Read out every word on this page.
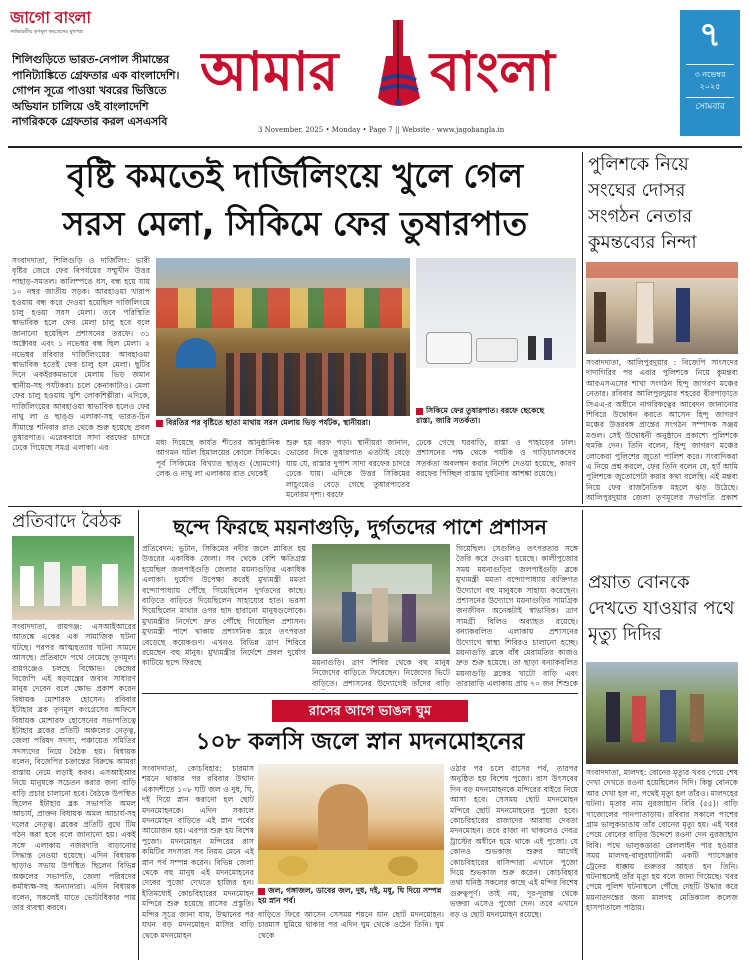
জাগো বাংলা
সর্বভারতীয় তৃণমূল কংগ্রেসের মুখপত্র
শিলিগুড়িতে ভারত-নেপাল সীমান্তের পানিট্যাঙ্কিতে গ্রেফতার এক বাংলাদেশি। গোপন সূত্রে পাওয়া খবরের ভিত্তিতে অভিযান চালিয়ে ওই বাংলাদেশি নাগরিককে গ্রেফতার করল এসএসবি
আমার বাংলা
3 November, 2025 • Monday • Page 7 || Website - www.jagobangla.in
৭
৩ নভেম্বর
২০২৫
সোমবার
বৃষ্টি কমতেই দার্জিলিংয়ে খুলে গেল
সরস মেলা, সিকিমে ফের তুষারপাত
সংবাদদাতা, শিলিগুড়ি ও দার্জিলিং: ভারী বৃষ্টির জেরে ফের বিপর্যয়ের সম্মুখীন উত্তর পাহাড়-সমতল। কালিম্পঙে ধস, বন্ধ হয়ে যায় ১০ নম্বর জাতীয় সড়ক। আবহাওয়া খারাপ হওয়ায় বন্ধ করে দেওয়া হয়েছিল দার্জিলিংয়ে চালু হওয়া সরস মেলা। তবে পরিস্থিতি স্বাভাবিক হলে ফের মেলা চালু হবে বলে জানানো হয়েছিল প্রশাসনের তরফে। ৩১ অক্টোবর এবং ১ নভেম্বর বন্ধ ছিল মেলা। ২ নভেম্বর রবিবার দার্জিলিংয়ের আবহাওয়া স্বাভাবিক হতেই ফের চালু হল মেলা। ছুটির দিনে একইরকমভাবে মেলায় ভিড় জমান স্থানীয়-সহ পর্যটকরা। চলে কেনাকাটাও। মেলা ফের চালু হওয়ায় খুশি লোকশিল্পীরা। এদিকে, দার্জিলিংয়ের আবহাওয়া স্বাভাবিক হলেও ফের নাথু লা ও ছাঙ্গু এলাকা-সহ ভারত-চিন সীমান্তে শনিবার রাত থেকে শুরু হয়েছে প্রবল তুষারপাত। এরেকবারে সাদা বরফের চাদরে ঢেকে গিয়েছে সমগ্র এলাকা। এর
বিরতির পর বৃষ্টিতে ছাতা মাথায় সরস মেলায় ভিড় পর্যটক, স্থানীয়রা।
সিকিমে ফের তুষারপাত। বরফে ছেকেছে
রাস্তা, জারি সতর্কতা।
মধ্য দিয়েছে কার্যত শীতের আনুষ্ঠানিক আগমন ঘটল হিমালয়ের কোলে সিকিমে। পূর্ব সিকিমের বিখ্যাত ছাঙ্গু (ছোমগো) লেক ও নাথু লা এলাকায় রাত থেকেই
শুরু হয় বরফ পড়া। স্থানীয়রা জানান, ভোরের দিকে তুষারপাত এতটাই বেড়ে যায় যে, রাস্তার দুপাশ সাদা বরফের চাদরে ঢেকে যায়। এদিকে উত্তর সিকিমের লাচুংয়েও বেড়ে গেছে তুষারপাতের মনোরম দৃশ্য। বরফে
ঢেকে গেছে ঘরবাড়ি, রাস্তা ও পাহাড়ের ঢাল। প্রশাসনের পক্ষ থেকে পর্যটক ও গাড়িচালকদের সতর্কতা অবলম্বন করার নির্দেশ দেওয়া হয়েছে, কারণ বরফের পিচ্ছিল রাস্তায় দুর্ঘটনার আশঙ্কা রয়েছে।
পুলিশকে নিয়ে সংঘের দোসর সংগঠন নেতার কুমন্তব্যের নিন্দা
সংবাদদাতা, আলিপুরদুয়ার : বিজেপি সাংসদের দাদাগিরির পর এবার পুলিশকে নিয়ে কুমন্তব্য আরএসএসের শাখা সংগঠন হিন্দু জাগরণ মঞ্চের নেতার। রবিবার আলিপুরদুয়ার শহরের বীরপাড়াতে সিএএ-র অধীনে নাগরিকত্বের আবেদন জানানোর শিবিরে উদ্বোধন করতে আসেন হিন্দু জাগরণ মঞ্চের উত্তরবঙ্গ প্রান্তের সংগঠন সম্পাদক সঞ্জয় মণ্ডল। সেই উদ্বোধনী অনুষ্ঠানে প্রকাশ্যে পুলিশকে হুমকি দেন। তিনি বলেন, হিন্দু জাগরণ মঞ্চের লোকেরা পুলিশের জুতো পালিশ করে। সংবাদিকরা এ নিয়ে প্রশ্ন করলে, ফের তিনি বলেন যে, হ্যাঁ আমি পুলিশকে জুতোপেটা করার কথা বলেছি। এই মন্তব্য নিয়ে ফের রাজনৈতিক মহলে ঝড় উঠেছে। আলিপুরদুয়ার জেলা তৃণমূলের সভাপতি প্রকাশ
প্রতিবাদে বৈঠক
সংবাদদাতা, রায়গঞ্জ: এসআইআরের আতঙ্কে একের এক সামাজিক ঘটনা ঘটছে। পরপর আত্মহত্যার ঘটনা সামনে আসছে। প্রতিবাদে পথে নেমেছে তৃণমূল। রায়গঞ্জেও চলছে বিক্ষোভ। কেন্দ্রের বিজেপি এই ষড়যন্ত্রের জবাব সাধারণ মানুষ দেবেন বলে ক্ষোভ প্রকাশ করেন বিধায়ক মোশারফ হোসেন। রবিবার ইটাহার ব্লক তৃণমূল কংগ্রেসের অফিসে বিধায়ক মোশারফ হোসেনের সভাপতিত্বে ইটাহার ব্লকের প্রতিটি অঞ্চলের নেতৃত্ব, জেলা পরিষদ সদস্য, পঞ্চায়েত সমিতির সদস্যদের নিয়ে বৈঠক হয়। বিধায়ক বলেন, বিজেপির চক্রান্তের বিরুদ্ধে আমরা রাস্তায় নেমে লড়াই করব। এসআইআর নিয়ে মানুষকে সচেতন করার জন্য বাড়ি বাড়ি প্রচার চালানো হবে। বৈঠকে উপস্থিত ছিলেন ইটাহার ব্লক সভাপতি অমল আচার্য, প্রাক্তন বিধায়ক অমল আচার্য-সহ দলের নেতৃত্ব। ব্লকের প্রতিটি বুথে টিম গঠন করা হবে বলে জানানো হয়। একই সঙ্গে এলাকায় নজরদারি বাড়ানোর সিদ্ধান্ত নেওয়া হয়েছে। এদিন বিধায়ক ছাড়াও সভায় উপস্থিত ছিলেন বিভিন্ন অঞ্চলের সভাপতি, জেলা পরিষদের কর্মাধ্যক্ষ-সহ অন্যান্যরা। এদিন বিধায়ক বলেন, সকলেই যাতে ভোটাধিকার পায় তার ব্যবস্থা করবে।
ছন্দে ফিরছে ময়নাগুড়ি, দুর্গতদের পাশে প্রশাসন
প্রতিবেদন: ভুটান, সিকিমের নদীর জলে প্লাবিত হয় উত্তরের একাধিক জেলা। সব থেকে বেশি ক্ষতিগ্রস্ত হয়েছিল জলপাইগুড়ি জেলার ময়নাগুড়ির একাধিক এলাকা। দুর্যোগ উপেক্ষা করেই মুখ্যমন্ত্রী মমতা বন্দ্যোপাধ্যায় পৌঁছে গিয়েছিলেন দুর্গতদের কাছে। বাড়িতে বাড়িতে দিয়েছিলেন সাহায্যের হাত। ভরসা দিয়েছিলেন মাথার ওপর ছাদ হারানো মানুষগুলোকে। মুখ্যমন্ত্রীর নির্দেশে দ্রুত পৌঁছে গিয়েছিল প্রশাসন। মুখ্যমন্ত্রী পাশে থাকায় প্রশাসনিক স্তরে তৎপরতা বেড়েছে কয়েকগুণ। এখনও বিভিন্ন ত্রাণ শিবিরে রয়েছেন বহু মানুষ। মুখ্যমন্ত্রীর নির্দেশে প্রবল দুর্যোগ কাটিয়ে ছন্দে ফিরছে	ময়নাগুড়ি। ত্রাণ শিবির থেকে বহু মানুষ নিজেদের বাড়িতে ফিরেছেন। নিজেদের ভিটে বাড়িতে। প্রশাসনের উদ্যোগেই তাঁদের বাড়ি
গিয়েছিল। সেগুলিও তৎপরতার সঙ্গে তৈরি করে দেওয়া হয়েছে। কালীপুজোর সময় ময়নাগুড়ির জলপাইগুড়ি ব্লকে মুখ্যমন্ত্রী মমতা বন্দ্যোপাধ্যায় ব্যক্তিগত উদ্যোগে বহু মানুষকে সাহায্য করেছেন। প্রশাসনের উদ্যোগে ময়নাগুড়ির সামগ্রিক জনজীবন অনেকটাই স্বাভাবিক। ত্রাণ সামগ্রী বিলিও অব্যাহত রয়েছে। বন্যাকবলিত এলাকায় প্রশাসনের উদ্যোগে স্বাস্থ্য শিবিরও চালানো হচ্ছে। ময়নাগুড়ি ব্লকে বাঁধ মেরামতির কাজও দ্রুত শুরু হয়েছে। তা ছাড়া বন্যাকবলিত ময়নাগুড়ি ব্লকের খাটো বাড়ি এবং তারাবাড়ি এলাকায় প্রায় ৭০ জন শিশুকে
রাসের আগে ভাঙল ঘুম
১০৮ কলসি জলে স্নান মদনমোহনের
সংবাদদাতা, কোচবিহার: চারমাস শয়নে থাকার পর রবিবার উত্থান একাদশীতে ১০৮ ঘটি জল ও দুধ, ঘি, দই দিয়ে স্নান করানো হল ছোট মদনমোহনকে। এদিন সকালে মদনমোহন বাড়িতে এই স্নান পর্বের আয়োজন হয়। এরপর শুরু হয় বিশেষ পুজো। মদনমোহন মন্দিরের রাস কমিটির সদস্যরা সব নিয়ম মেনে এই স্নান পর্ব সম্পন্ন করেন। বিভিন্ন জেলা থেকে বহু মানুষ এই মদনমোহনের দেবের পুজো দেখতে হাজির হন। ইতিমধ্যেই কোচবিহারের মদনমোহন মন্দিরে শুরু হয়েছে রাসের প্রস্তুতি। মন্দির সূত্রে জানা যায়, উত্থানের পর যখন বড় মদনমোহন মাসির বাড়ি থেকে মদনমোহন
জল, গঙ্গাজল, ডাবের জল, দুধ, দই, মধু, ঘি দিয়ে সম্পন্ন হয় স্নান পর্ব।
বাড়িতে ফিরে আসেন সেসময় শয়নে যান ছোট মদনমোহন। চারমাস ঘুমিয়ে থাকার পর এদিন ঘুম থেকে ওঠেন তিনি। ঘুম থেকে
ওঠার পর চলে রাসের পর্ব, তারপর অনুষ্ঠিত হয় বিশেষ পুজো। রাস উৎসবের দিন বড় মদনমোহনকে মন্দিরের বাইরে নিয়ে আসা হবে। সেসময় ছোট মদনমোহন মন্দিরে ছোট মদনমোহনের পুজো হবে। কোচবিহারের রাজাদের আরাধ্য দেবতা মদনমোহন। তবে রাজা না থাকলেও দেবত্র ট্রাস্টের অধীনে হয়ে থাকে এই পুজো। যে কোনও শুভকাজ শুরুর আগেই কোচবিহারের বাসিন্দারা এখানে পুজো দিয়ে শুভকাজ শুরু করেন। কোচবিহার তথা ঘনিষ্ঠ সকলের কাছে এই মন্দির বিশেষ গুরুত্বপূর্ণ। তাই নয়, দূর-দূরান্ত থেকে ভক্তরা এসেও পুজো দেন। তবে এখানে বড় ও ছোট মদনমোহন রয়েছে।
প্রয়াত বোনকে দেখতে যাওয়ার পথে মৃত্যু দিদির
সংবাদদাতা, মালদহ: বোনের মৃত্যুর খবর পেয়ে শেষ দেখা দেখতে রওনা হয়েছিলেন দিদি। কিন্তু বোনকে আর দেখা হল না, পথেই মৃত্যু হল তাঁরও। মালদহের ঘটনা। মৃতার নাম নুরজাহান বিবি (৫৫)। বাড়ি গাজোলের পানপাতাড়ায়। রবিবার সকালে পাশের গ্রাম ভালুকডাঙায় তাঁর বোনের মৃত্যু হয়। এই খবর পেয়ে বোনের বাড়ির উদ্দেশে রওনা দেন নুরজাহান বিবি। পথে ভালুকডাঙা রেললাইন পার হওয়ার সময় মালদহ-বালুরঘাটগামী একটি প্যাসেঞ্জার ট্রেনের ধাক্কায় গুরুতর আহত হন তিনি। ঘটনাস্থলেই তাঁর মৃত্যু হয় বলে জানা গিয়েছে। খবর পেয়ে পুলিশ ঘটনাস্থলে পৌঁছে দেহটি উদ্ধার করে ময়নাতদন্তের জন্য মালদহ মেডিক্যাল কলেজ হাসপাতালে পাঠায়।
